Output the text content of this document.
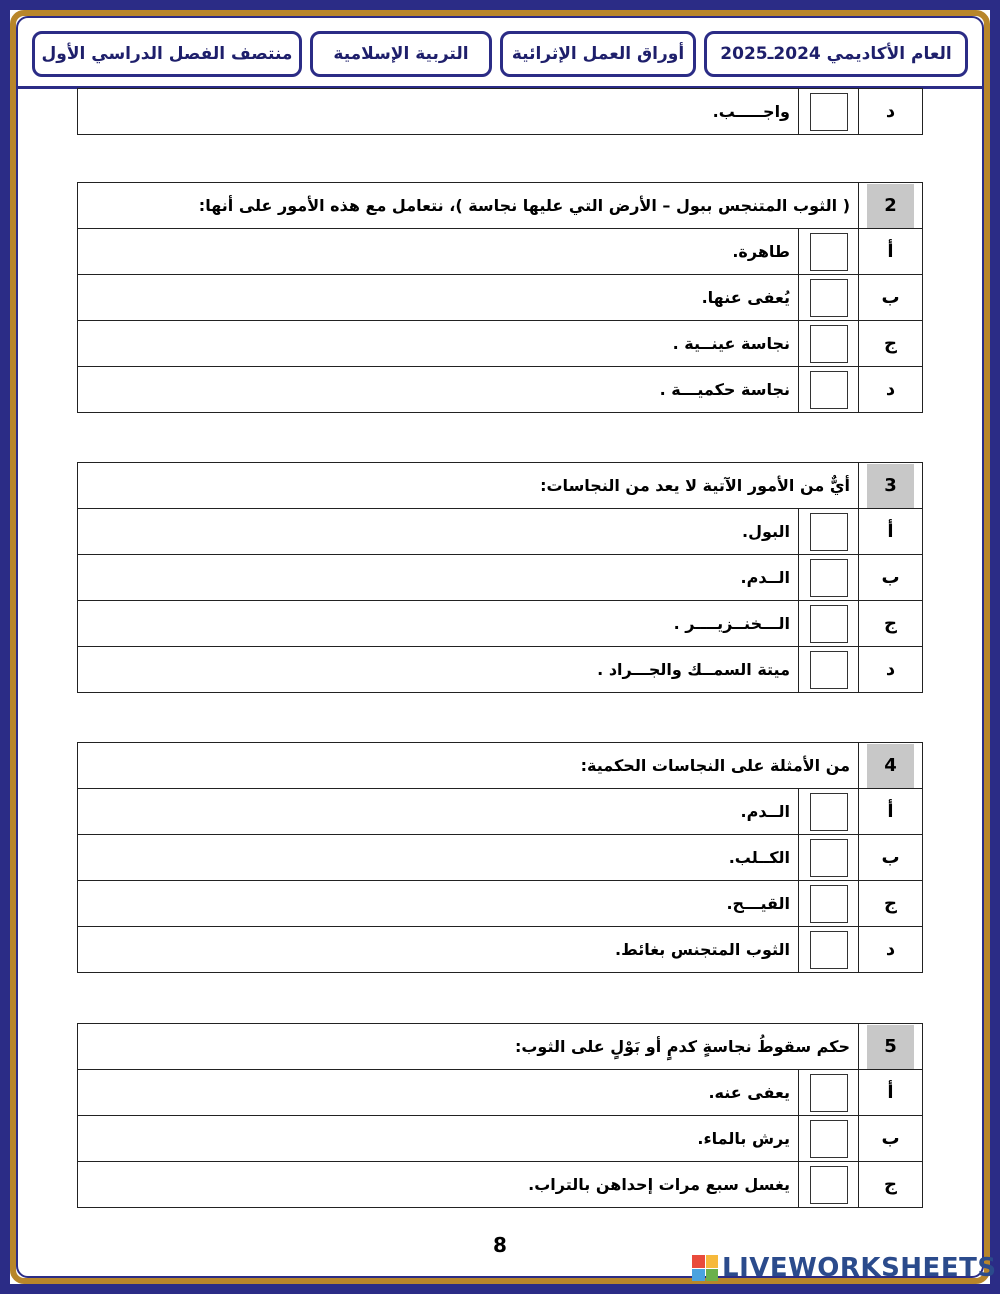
منتصف الفصل الدراسي الأول	التربية الإسلامية	أوراق العمل الإثرائية	العام الأكاديمي 2024ـ2025
واجـــــب.		د
( الثوب المتنجس ببول – الأرض التي عليها نجاسة )، نتعامل مع هذه الأمور على أنها:		2
طاهرة.		أ
يُعفى عنها.		ب
نجاسة عينــية .		ج
نجاسة حكميـــة .		د
أيٌّ من الأمور الآتية لا يعد من النجاسات:		3
البول.		أ
الــدم.		ب
الـــخنــزيــــر .		ج
ميتة السمــك والجـــراد .		د
من الأمثلة على النجاسات الحكمية:		4
الــدم.		أ
الكــلب.		ب
القيـــح.		ج
الثوب المتجنس بغائط.		د
حكم سقوطُ نجاسةٍ كدمٍ أو بَوْلٍ على الثوب:		5
يعفى عنه.		أ
يرش بالماء.		ب
يغسل سبع مرات إحداهن بالتراب.		ج
8
LIVEWORKSHEETS
